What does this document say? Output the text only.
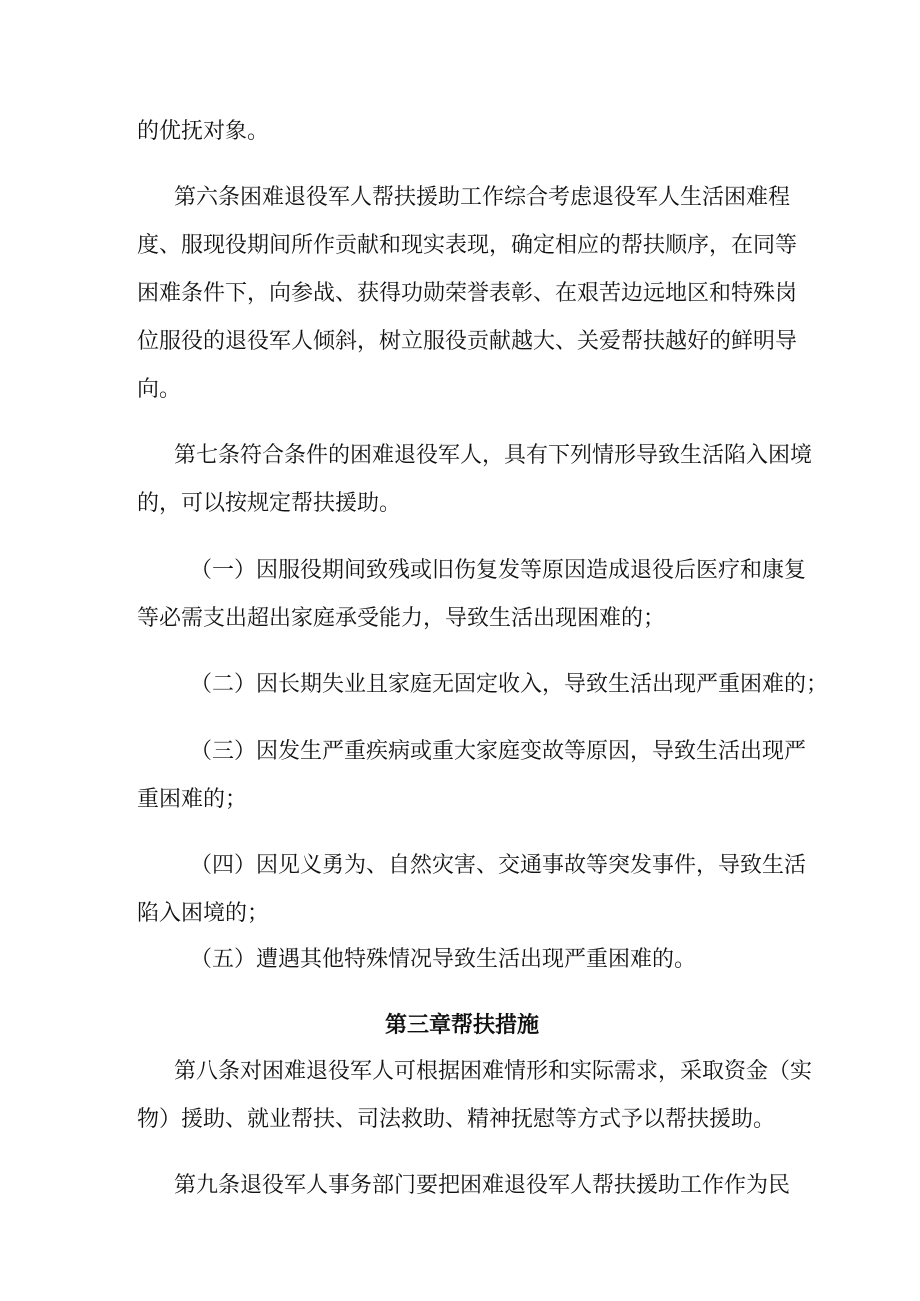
的优抚对象。
第六条困难退役军人帮扶援助工作综合考虑退役军人生活困难程
度、服现役期间所作贡献和现实表现，确定相应的帮扶顺序，在同等
困难条件下，向参战、获得功勋荣誉表彰、在艰苦边远地区和特殊岗
位服役的退役军人倾斜，树立服役贡献越大、关爱帮扶越好的鲜明导
向。
第七条符合条件的困难退役军人，具有下列情形导致生活陷入困境
的，可以按规定帮扶援助。
（一）因服役期间致残或旧伤复发等原因造成退役后医疗和康复
等必需支出超出家庭承受能力，导致生活出现困难的；
（二）因长期失业且家庭无固定收入，导致生活出现严重困难的；
（三）因发生严重疾病或重大家庭变故等原因，导致生活出现严
重困难的；
（四）因见义勇为、自然灾害、交通事故等突发事件，导致生活
陷入困境的；
（五）遭遇其他特殊情况导致生活出现严重困难的。
第三章帮扶措施
第八条对困难退役军人可根据困难情形和实际需求，采取资金（实
物）援助、就业帮扶、司法救助、精神抚慰等方式予以帮扶援助。
第九条退役军人事务部门要把困难退役军人帮扶援助工作作为民
